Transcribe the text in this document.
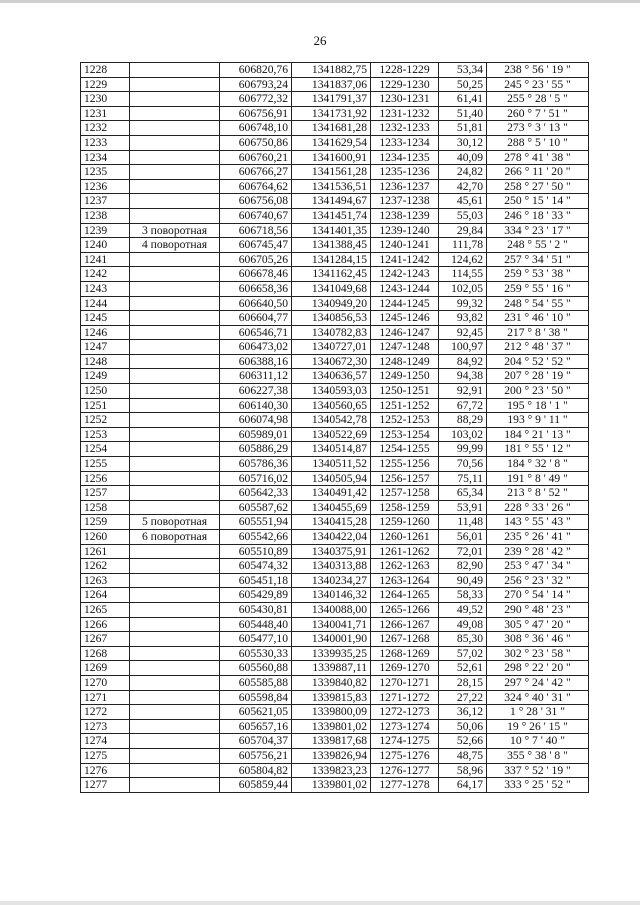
26
1228		606820,76	1341882,75	1228-1229	53,34	238 ° 56 ' 19 "
1229		606793,24	1341837,06	1229-1230	50,25	245 ° 23 ' 55 "
1230		606772,32	1341791,37	1230-1231	61,41	255 ° 28 ' 5 "
1231		606756,91	1341731,92	1231-1232	51,40	260 ° 7 ' 51 "
1232		606748,10	1341681,28	1232-1233	51,81	273 ° 3 ' 13 "
1233		606750,86	1341629,54	1233-1234	30,12	288 ° 5 ' 10 "
1234		606760,21	1341600,91	1234-1235	40,09	278 ° 41 ' 38 "
1235		606766,27	1341561,28	1235-1236	24,82	266 ° 11 ' 20 "
1236		606764,62	1341536,51	1236-1237	42,70	258 ° 27 ' 50 "
1237		606756,08	1341494,67	1237-1238	45,61	250 ° 15 ' 14 "
1238		606740,67	1341451,74	1238-1239	55,03	246 ° 18 ' 33 "
1239	3 поворотная	606718,56	1341401,35	1239-1240	29,84	334 ° 23 ' 17 "
1240	4 поворотная	606745,47	1341388,45	1240-1241	111,78	248 ° 55 ' 2 "
1241		606705,26	1341284,15	1241-1242	124,62	257 ° 34 ' 51 "
1242		606678,46	1341162,45	1242-1243	114,55	259 ° 53 ' 38 "
1243		606658,36	1341049,68	1243-1244	102,05	259 ° 55 ' 16 "
1244		606640,50	1340949,20	1244-1245	99,32	248 ° 54 ' 55 "
1245		606604,77	1340856,53	1245-1246	93,82	231 ° 46 ' 10 "
1246		606546,71	1340782,83	1246-1247	92,45	217 ° 8 ' 38 "
1247		606473,02	1340727,01	1247-1248	100,97	212 ° 48 ' 37 "
1248		606388,16	1340672,30	1248-1249	84,92	204 ° 52 ' 52 "
1249		606311,12	1340636,57	1249-1250	94,38	207 ° 28 ' 19 "
1250		606227,38	1340593,03	1250-1251	92,91	200 ° 23 ' 50 "
1251		606140,30	1340560,65	1251-1252	67,72	195 ° 18 ' 1 "
1252		606074,98	1340542,78	1252-1253	88,29	193 ° 9 ' 11 "
1253		605989,01	1340522,69	1253-1254	103,02	184 ° 21 ' 13 "
1254		605886,29	1340514,87	1254-1255	99,99	181 ° 55 ' 12 "
1255		605786,36	1340511,52	1255-1256	70,56	184 ° 32 ' 8 "
1256		605716,02	1340505,94	1256-1257	75,11	191 ° 8 ' 49 "
1257		605642,33	1340491,42	1257-1258	65,34	213 ° 8 ' 52 "
1258		605587,62	1340455,69	1258-1259	53,91	228 ° 33 ' 26 "
1259	5 поворотная	605551,94	1340415,28	1259-1260	11,48	143 ° 55 ' 43 "
1260	6 поворотная	605542,66	1340422,04	1260-1261	56,01	235 ° 26 ' 41 "
1261		605510,89	1340375,91	1261-1262	72,01	239 ° 28 ' 42 "
1262		605474,32	1340313,88	1262-1263	82,90	253 ° 47 ' 34 "
1263		605451,18	1340234,27	1263-1264	90,49	256 ° 23 ' 32 "
1264		605429,89	1340146,32	1264-1265	58,33	270 ° 54 ' 14 "
1265		605430,81	1340088,00	1265-1266	49,52	290 ° 48 ' 23 "
1266		605448,40	1340041,71	1266-1267	49,08	305 ° 47 ' 20 "
1267		605477,10	1340001,90	1267-1268	85,30	308 ° 36 ' 46 "
1268		605530,33	1339935,25	1268-1269	57,02	302 ° 23 ' 58 "
1269		605560,88	1339887,11	1269-1270	52,61	298 ° 22 ' 20 "
1270		605585,88	1339840,82	1270-1271	28,15	297 ° 24 ' 42 "
1271		605598,84	1339815,83	1271-1272	27,22	324 ° 40 ' 31 "
1272		605621,05	1339800,09	1272-1273	36,12	1 ° 28 ' 31 "
1273		605657,16	1339801,02	1273-1274	50,06	19 ° 26 ' 15 "
1274		605704,37	1339817,68	1274-1275	52,66	10 ° 7 ' 40 "
1275		605756,21	1339826,94	1275-1276	48,75	355 ° 38 ' 8 "
1276		605804,82	1339823,23	1276-1277	58,96	337 ° 52 ' 19 "
1277		605859,44	1339801,02	1277-1278	64,17	333 ° 25 ' 52 "
